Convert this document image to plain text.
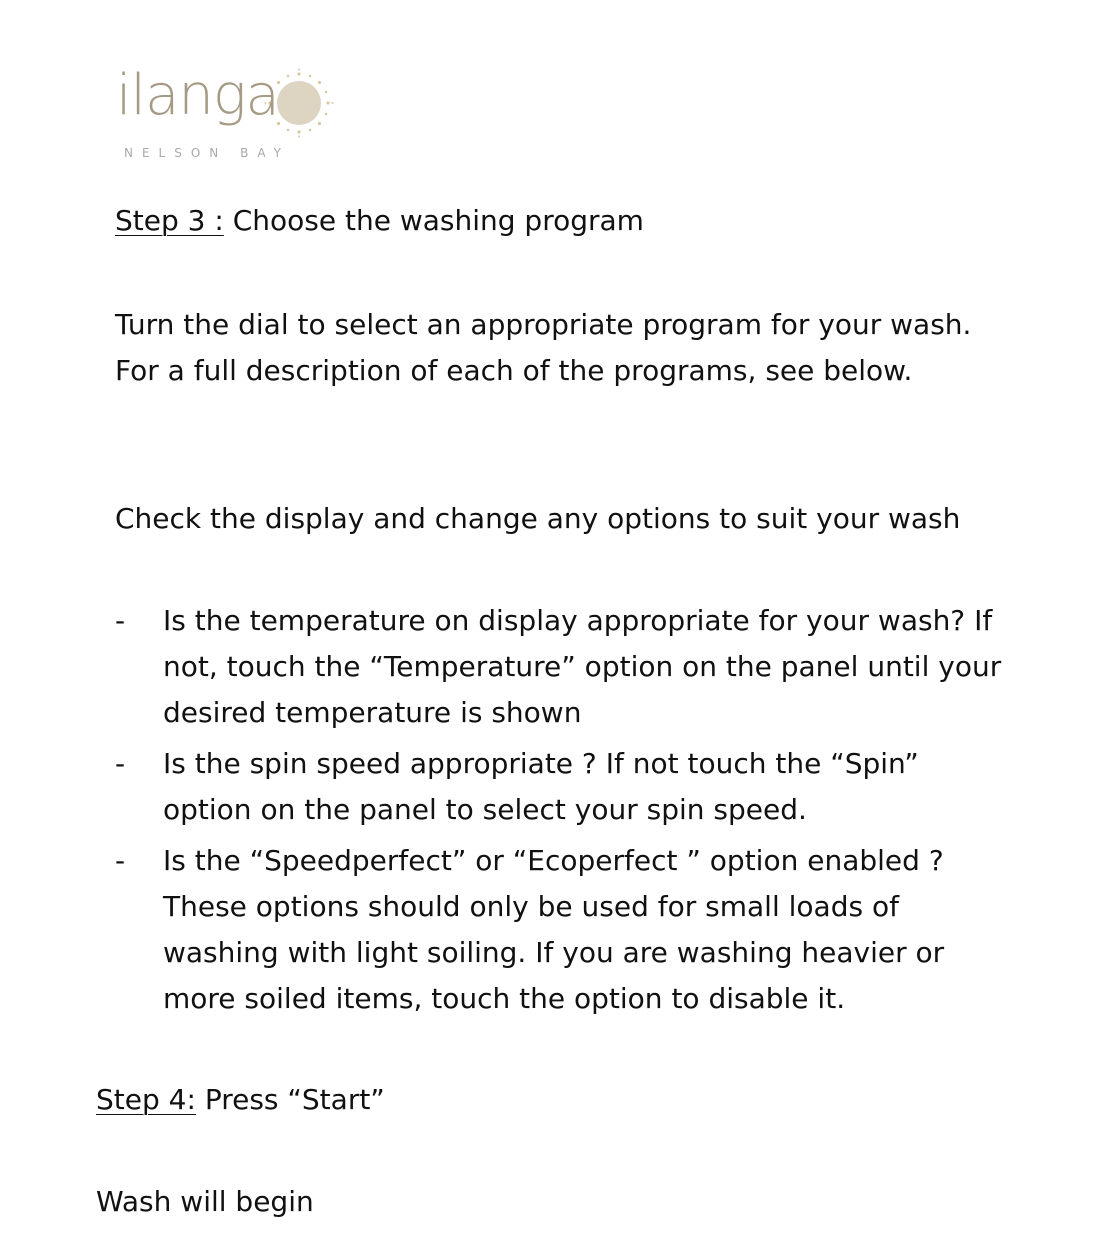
ilanga
NELSON BAY

Step 3 : Choose the washing program

Turn the dial to select an appropriate program for your wash. For a full description of each of the programs, see below.

Check the display and change any options to suit your wash

- Is the temperature on display appropriate for your wash? If not, touch the “Temperature” option on the panel until your desired temperature is shown
- Is the spin speed appropriate ? If not touch the “Spin” option on the panel to select your spin speed.
- Is the “Speedperfect” or “Ecoperfect ” option enabled ? These options should only be used for small loads of washing with light soiling. If you are washing heavier or more soiled items, touch the option to disable it.

Step 4: Press “Start”

Wash will begin
